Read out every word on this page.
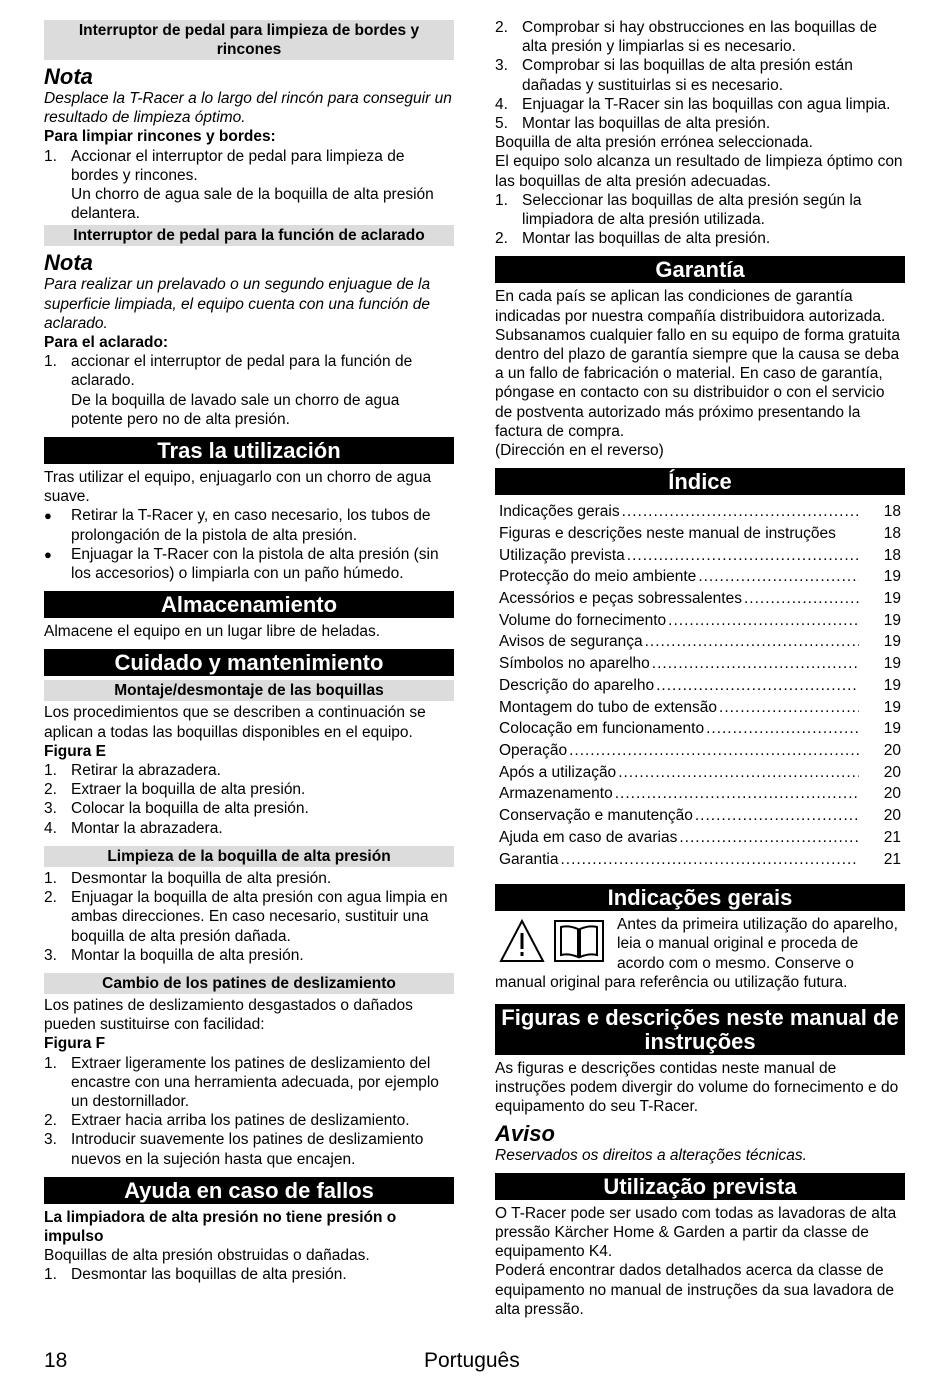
Interruptor de pedal para limpieza de bordes y rincones
Nota

Desplace la T-Racer a lo largo del rincón para conseguir un resultado de limpieza óptimo.

Para limpiar rincones y bordes:

1. Accionar el interruptor de pedal para limpieza de bordes y rincones.
Un chorro de agua sale de la boquilla de alta presión delantera.
Interruptor de pedal para la función de aclarado
Nota

Para realizar un prelavado o un segundo enjuague de la superficie limpiada, el equipo cuenta con una función de aclarado.

Para el aclarado:

1. accionar el interruptor de pedal para la función de aclarado.
De la boquilla de lavado sale un chorro de agua potente pero no de alta presión.
Tras la utilización

Tras utilizar el equipo, enjuagarlo con un chorro de agua suave.

●
Retirar la T-Racer y, en caso necesario, los tubos de prolongación de la pistola de alta presión.
●
Enjuagar la T-Racer con la pistola de alta presión (sin los accesorios) o limpiarla con un paño húmedo.
Almacenamiento

Almacene el equipo en un lugar libre de heladas.

Cuidado y mantenimiento
Montaje/desmontaje de las boquillas

Los procedimientos que se describen a continuación se aplican a todas las boquillas disponibles en el equipo.

Figura E

1. Retirar la abrazadera.
2. Extraer la boquilla de alta presión.
3. Colocar la boquilla de alta presión.
4. Montar la abrazadera.
Limpieza de la boquilla de alta presión
1. Desmontar la boquilla de alta presión.
2. Enjuagar la boquilla de alta presión con agua limpia en ambas direcciones. En caso necesario, sustituir una boquilla de alta presión dañada.
3. Montar la boquilla de alta presión.
Cambio de los patines de deslizamiento

Los patines de deslizamiento desgastados o dañados pueden sustituirse con facilidad:

Figura F

1. Extraer ligeramente los patines de deslizamiento del encastre con una herramienta adecuada, por ejemplo un destornillador.
2. Extraer hacia arriba los patines de deslizamiento.
3. Introducir suavemente los patines de deslizamiento nuevos en la sujeción hasta que encajen.
Ayuda en caso de fallos

La limpiadora de alta presión no tiene presión o impulso

Boquillas de alta presión obstruidas o dañadas.

1. Desmontar las boquillas de alta presión.
2. Comprobar si hay obstrucciones en las boquillas de alta presión y limpiarlas si es necesario.
3. Comprobar si las boquillas de alta presión están dañadas y sustituirlas si es necesario.
4. Enjuagar la T-Racer sin las boquillas con agua limpia.
5. Montar las boquillas de alta presión.

Boquilla de alta presión errónea seleccionada.

El equipo solo alcanza un resultado de limpieza óptimo con las boquillas de alta presión adecuadas.

1. Seleccionar las boquillas de alta presión según la limpiadora de alta presión utilizada.
2. Montar las boquillas de alta presión.
Garantía

En cada país se aplican las condiciones de garantía indicadas por nuestra compañía distribuidora autorizada. Subsanamos cualquier fallo en su equipo de forma gratuita dentro del plazo de garantía siempre que la causa se deba a un fallo de fabricación o material. En caso de garantía, póngase en contacto con su distribuidor o con el servicio de postventa autorizado más próximo presentando la factura de compra.

(Dirección en el reverso)

Índice
Indicações gerais .....	18
Figuras e descrições neste manual de instruções	18
Utilização prevista .....	18
Protecção do meio ambiente .....	19
Acessórios e peças sobressalentes .....	19
Volume do fornecimento .....	19
Avisos de segurança .....	19
Símbolos no aparelho .....	19
Descrição do aparelho .....	19
Montagem do tubo de extensão .....	19
Colocação em funcionamento .....	19
Operação .....	20
Após a utilização .....	20
Armazenamento .....	20
Conservação e manutenção .....	20
Ajuda em caso de avarias .....	21
Garantia .....	21
Indicações gerais

Antes da primeira utilização do aparelho, leia o manual original e proceda de acordo com o mesmo. Conserve o manual original para referência ou utilização futura.

Figuras e descrições neste manual de instruções

As figuras e descrições contidas neste manual de instruções podem divergir do volume do fornecimento e do equipamento do seu T-Racer.

Aviso

Reservados os direitos a alterações técnicas.

Utilização prevista

O T-Racer pode ser usado com todas as lavadoras de alta pressão Kärcher Home & Garden a partir da classe de equipamento K4.

Poderá encontrar dados detalhados acerca da classe de equipamento no manual de instruções da sua lavadora de alta pressão.

18	Português
